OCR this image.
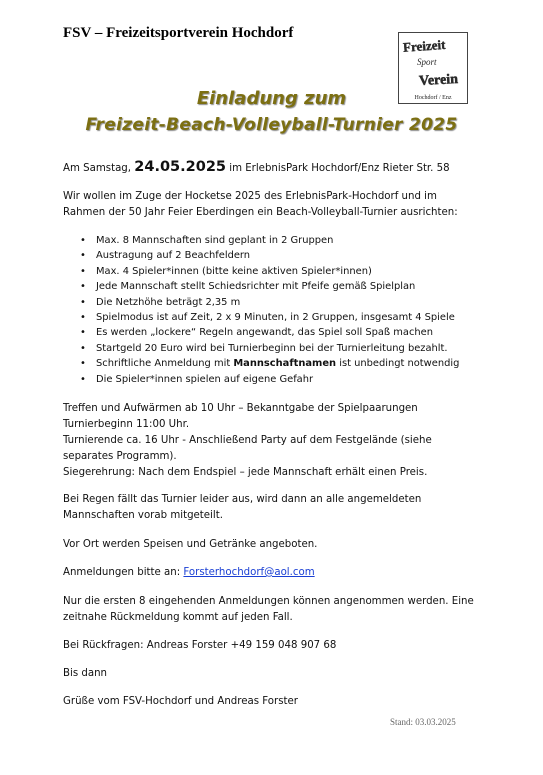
FSV – Freizeitsportverein Hochdorf
Freizeit
Sport
Verein
Hochdorf / Enz
Einladung zum
Freizeit-Beach-Volleyball-Turnier 2025
Am Samstag, 24.05.2025 im ErlebnisPark Hochdorf/Enz Rieter Str. 58
Wir wollen im Zuge der Hocketse 2025 des ErlebnisPark-Hochdorf und im
Rahmen der 50 Jahr Feier Eberdingen ein Beach-Volleyball-Turnier ausrichten:
• Max. 8 Mannschaften sind geplant in 2 Gruppen
• Austragung auf 2 Beachfeldern
• Max. 4 Spieler*innen (bitte keine aktiven Spieler*innen)
• Jede Mannschaft stellt Schiedsrichter mit Pfeife gemäß Spielplan
• Die Netzhöhe beträgt 2,35 m
• Spielmodus ist auf Zeit, 2 x 9 Minuten, in 2 Gruppen, insgesamt 4 Spiele
• Es werden „lockere“ Regeln angewandt, das Spiel soll Spaß machen
• Startgeld 20 Euro wird bei Turnierbeginn bei der Turnierleitung bezahlt.
• Schriftliche Anmeldung mit Mannschaftnamen ist unbedingt notwendig
• Die Spieler*innen spielen auf eigene Gefahr
Treffen und Aufwärmen ab 10 Uhr – Bekanntgabe der Spielpaarungen
Turnierbeginn 11:00 Uhr.
Turnierende ca. 16 Uhr - Anschließend Party auf dem Festgelände (siehe
separates Programm).
Siegerehrung: Nach dem Endspiel – jede Mannschaft erhält einen Preis.
Bei Regen fällt das Turnier leider aus, wird dann an alle angemeldeten
Mannschaften vorab mitgeteilt.
Vor Ort werden Speisen und Getränke angeboten.
Anmeldungen bitte an: Forsterhochdorf@aol.com
Nur die ersten 8 eingehenden Anmeldungen können angenommen werden. Eine
zeitnahe Rückmeldung kommt auf jeden Fall.
Bei Rückfragen: Andreas Forster +49 159 048 907 68
Bis dann
Grüße vom FSV-Hochdorf und Andreas Forster
Stand: 03.03.2025
